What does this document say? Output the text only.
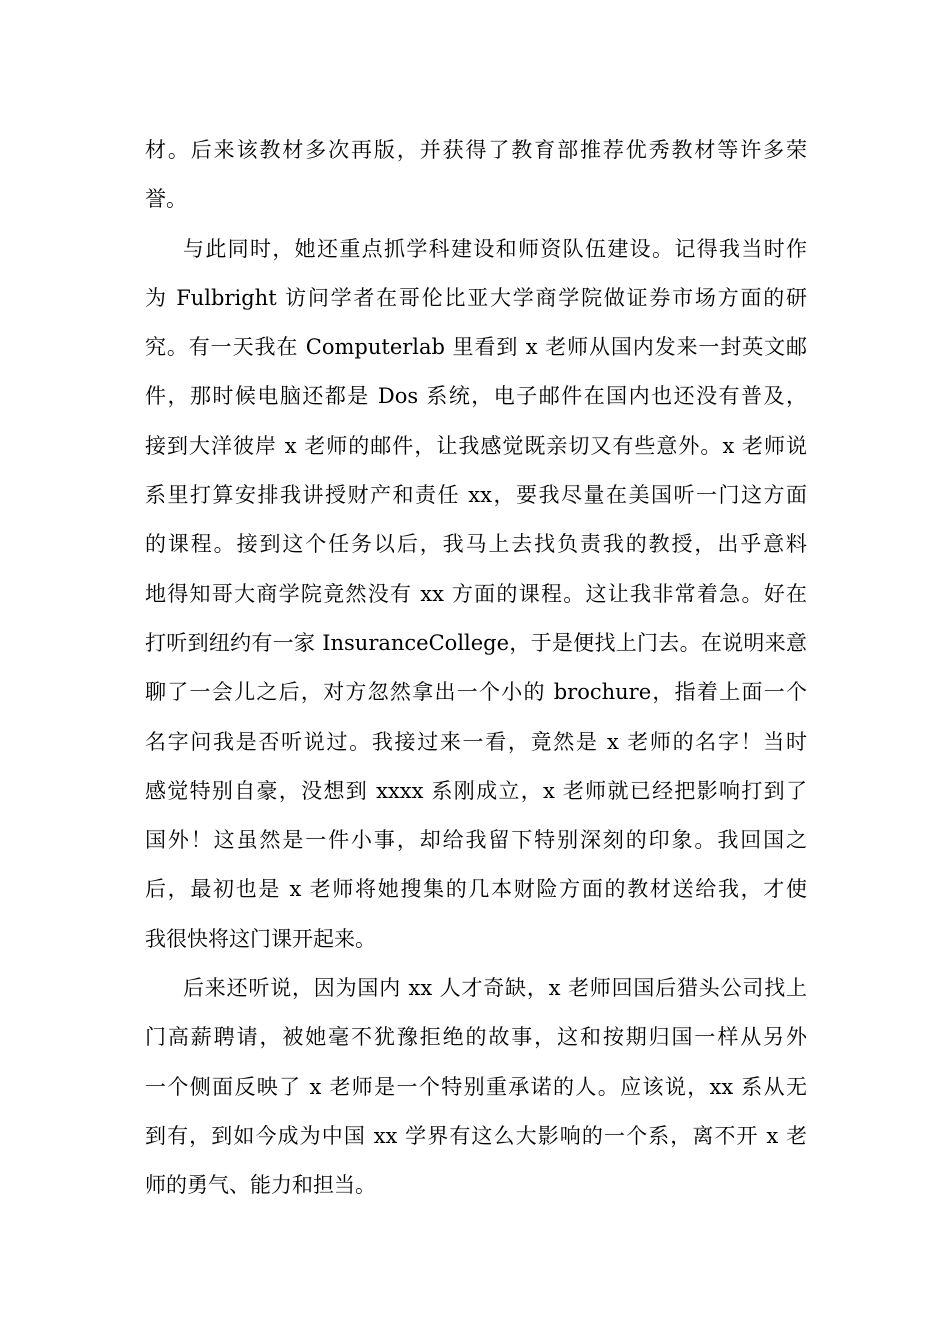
材。后来该教材多次再版，并获得了教育部推荐优秀教材等许多荣
誉。
与此同时，她还重点抓学科建设和师资队伍建设。记得我当时作
为 Fulbright 访问学者在哥伦比亚大学商学院做证券市场方面的研
究。有一天我在 Computerlab 里看到 x 老师从国内发来一封英文邮
件，那时候电脑还都是 Dos 系统，电子邮件在国内也还没有普及，
接到大洋彼岸 x 老师的邮件，让我感觉既亲切又有些意外。x 老师说
系里打算安排我讲授财产和责任 xx，要我尽量在美国听一门这方面
的课程。接到这个任务以后，我马上去找负责我的教授，出乎意料
地得知哥大商学院竟然没有 xx 方面的课程。这让我非常着急。好在
打听到纽约有一家 InsuranceCollege，于是便找上门去。在说明来意
聊了一会儿之后，对方忽然拿出一个小的 brochure，指着上面一个
名字问我是否听说过。我接过来一看，竟然是 x 老师的名字！当时
感觉特别自豪，没想到 xxxx 系刚成立，x 老师就已经把影响打到了
国外！这虽然是一件小事，却给我留下特别深刻的印象。我回国之
后，最初也是 x 老师将她搜集的几本财险方面的教材送给我，才使
我很快将这门课开起来。
后来还听说，因为国内 xx 人才奇缺，x 老师回国后猎头公司找上
门高薪聘请，被她毫不犹豫拒绝的故事，这和按期归国一样从另外
一个侧面反映了 x 老师是一个特别重承诺的人。应该说，xx 系从无
到有，到如今成为中国 xx 学界有这么大影响的一个系，离不开 x 老
师的勇气、能力和担当。
